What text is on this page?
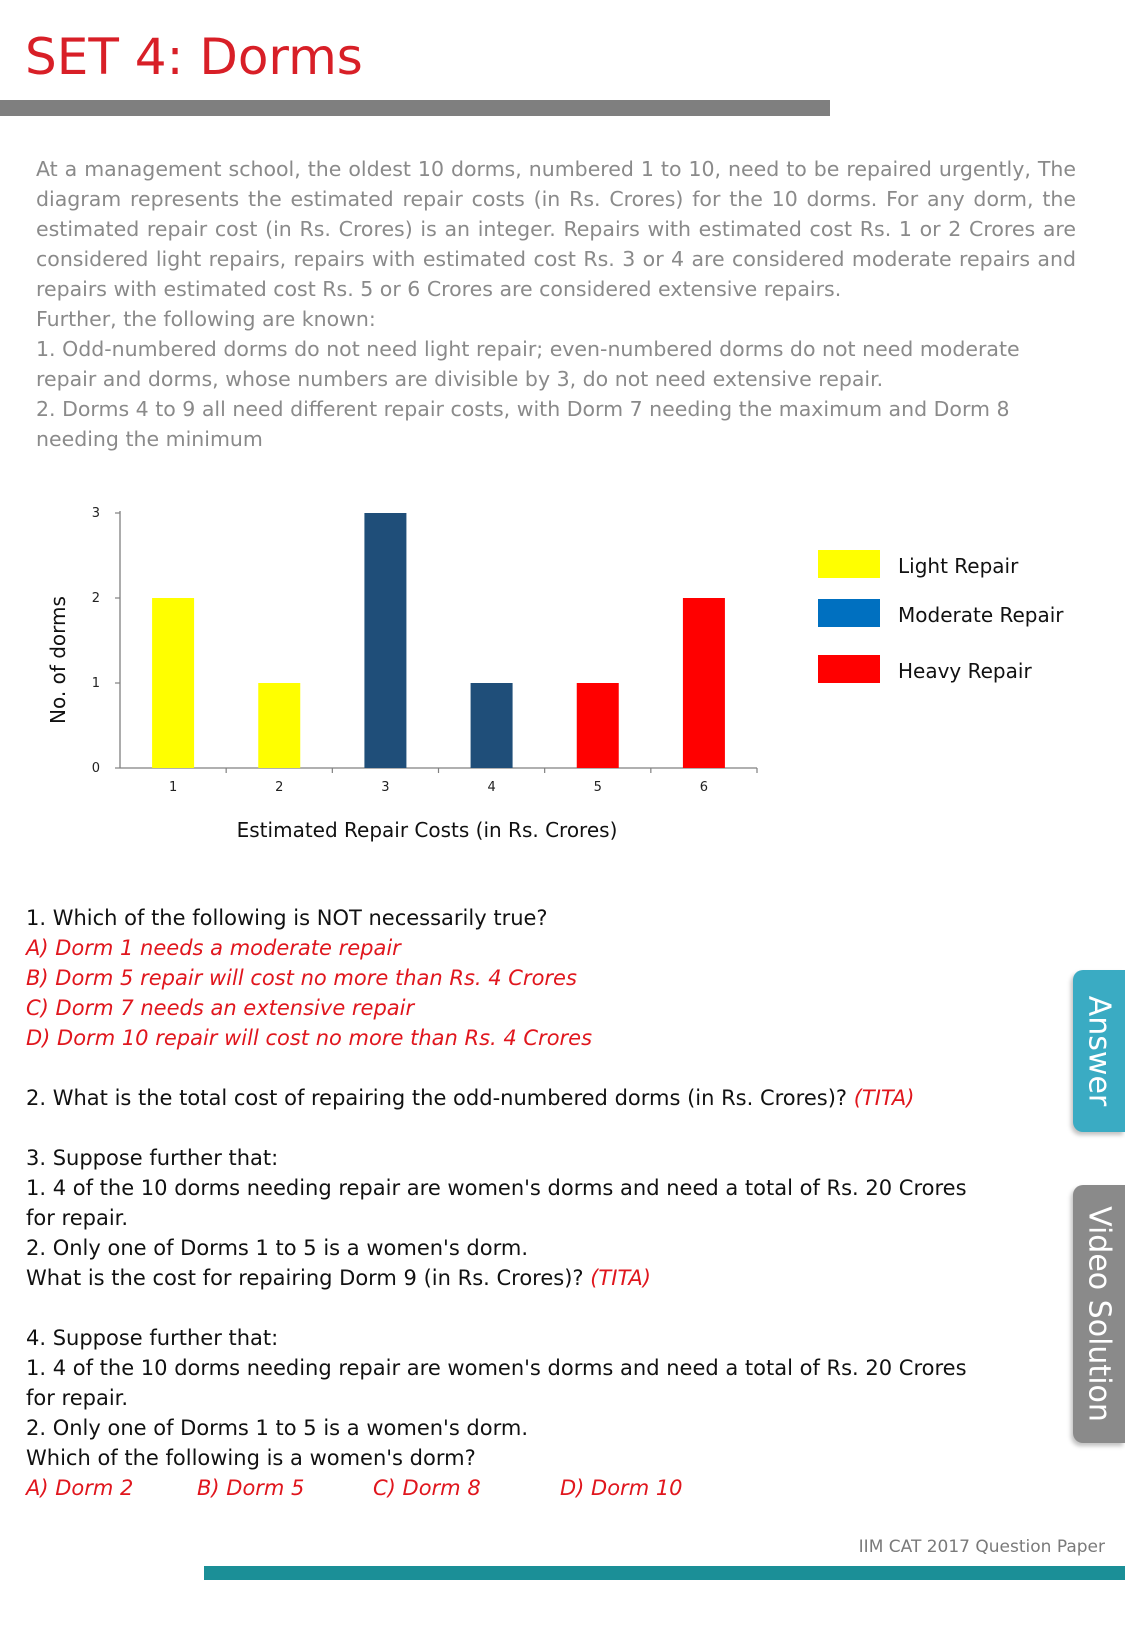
SET 4: Dorms

At a management school, the oldest 10 dorms, numbered 1 to 10, need to be repaired urgently, The diagram represents the estimated repair costs (in Rs. Crores) for the 10 dorms. For any dorm, the estimated repair cost (in Rs. Crores) is an integer. Repairs with estimated cost Rs. 1 or 2 Crores are considered light repairs, repairs with estimated cost Rs. 3 or 4 are considered moderate repairs and repairs with estimated cost Rs. 5 or 6 Crores are considered extensive repairs.

Further, the following are known:

1. Odd-numbered dorms do not need light repair; even-numbered dorms do not need moderate repair and dorms, whose numbers are divisible by 3, do not need extensive repair.

2. Dorms 4 to 9 all need different repair costs, with Dorm 7 needing the maximum and Dorm 8 needing the minimum

0
1
2
3
1	2	3	4	5	6
Light Repair
Moderate Repair
Heavy Repair
No. of dorms
Estimated Repair Costs (in Rs. Crores)
1. Which of the following is NOT necessarily true?
A) Dorm 1 needs a moderate repair
B) Dorm 5 repair will cost no more than Rs. 4 Crores
C) Dorm 7 needs an extensive repair
D) Dorm 10 repair will cost no more than Rs. 4 Crores
2. What is the total cost of repairing the odd-numbered dorms (in Rs. Crores)? (TITA)
3. Suppose further that:
1. 4 of the 10 dorms needing repair are women's dorms and need a total of Rs. 20 Crores for repair.
2. Only one of Dorms 1 to 5 is a women's dorm.
What is the cost for repairing Dorm 9 (in Rs. Crores)? (TITA)
4. Suppose further that:
1. 4 of the 10 dorms needing repair are women's dorms and need a total of Rs. 20 Crores for repair.
2. Only one of Dorms 1 to 5 is a women's dorm.
Which of the following is a women's dorm?
A) Dorm 2	B) Dorm 5	C) Dorm 8	D) Dorm 10
Answer
Video Solution
IIM CAT 2017 Question Paper
